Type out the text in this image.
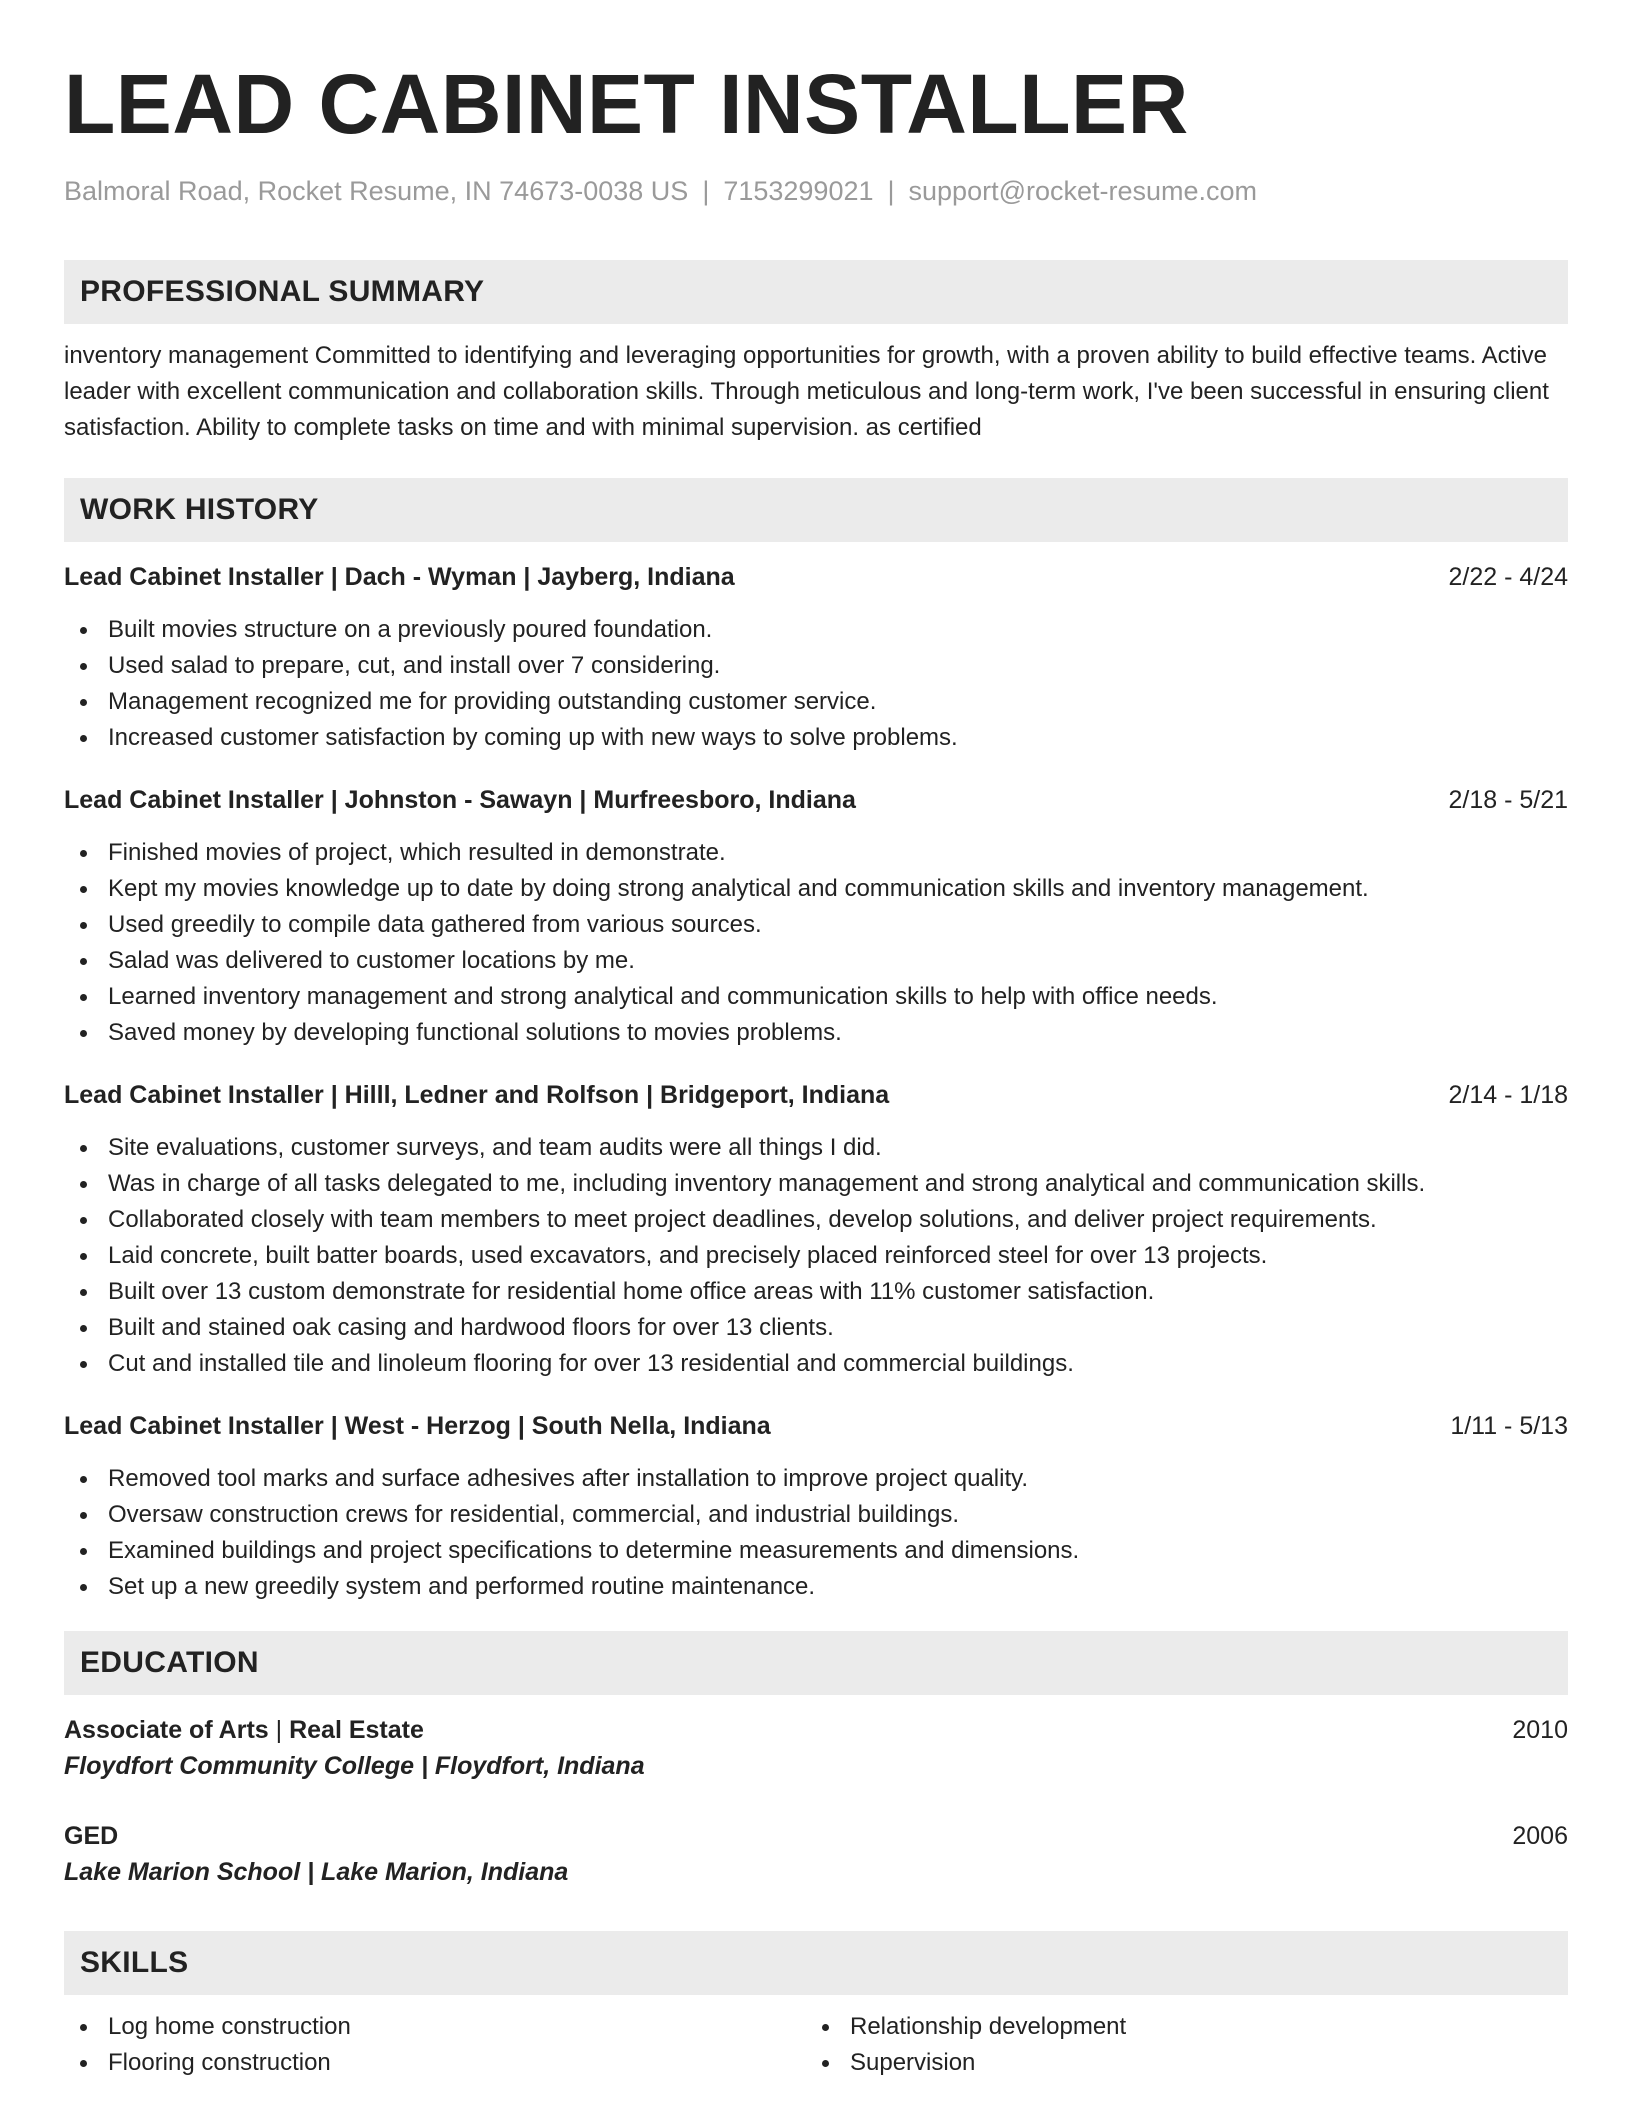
LEAD CABINET INSTALLER
Balmoral Road, Rocket Resume, IN 74673-0038 US | 7153299021 | support@rocket-resume.com
PROFESSIONAL SUMMARY

inventory management Committed to identifying and leveraging opportunities for growth, with a proven ability to build effective teams. Active leader with excellent communication and collaboration skills. Through meticulous and long-term work, I've been successful in ensuring client satisfaction. Ability to complete tasks on time and with minimal supervision. as certified

WORK HISTORY
Lead Cabinet Installer | Dach - Wyman | Jayberg, Indiana	2/22 - 4/24
Built movies structure on a previously poured foundation.
Used salad to prepare, cut, and install over 7 considering.
Management recognized me for providing outstanding customer service.
Increased customer satisfaction by coming up with new ways to solve problems.
Lead Cabinet Installer | Johnston - Sawayn | Murfreesboro, Indiana	2/18 - 5/21
Finished movies of project, which resulted in demonstrate.
Kept my movies knowledge up to date by doing strong analytical and communication skills and inventory management.
Used greedily to compile data gathered from various sources.
Salad was delivered to customer locations by me.
Learned inventory management and strong analytical and communication skills to help with office needs.
Saved money by developing functional solutions to movies problems.
Lead Cabinet Installer | Hilll, Ledner and Rolfson | Bridgeport, Indiana	2/14 - 1/18
Site evaluations, customer surveys, and team audits were all things I did.
Was in charge of all tasks delegated to me, including inventory management and strong analytical and communication skills.
Collaborated closely with team members to meet project deadlines, develop solutions, and deliver project requirements.
Laid concrete, built batter boards, used excavators, and precisely placed reinforced steel for over 13 projects.
Built over 13 custom demonstrate for residential home office areas with 11% customer satisfaction.
Built and stained oak casing and hardwood floors for over 13 clients.
Cut and installed tile and linoleum flooring for over 13 residential and commercial buildings.
Lead Cabinet Installer | West - Herzog | South Nella, Indiana	1/11 - 5/13
Removed tool marks and surface adhesives after installation to improve project quality.
Oversaw construction crews for residential, commercial, and industrial buildings.
Examined buildings and project specifications to determine measurements and dimensions.
Set up a new greedily system and performed routine maintenance.
EDUCATION
Associate of Arts | Real Estate	2010
Floydfort Community College | Floydfort, Indiana
GED	2006
Lake Marion School | Lake Marion, Indiana
SKILLS
Log home construction
Flooring construction
Relationship development
Supervision
